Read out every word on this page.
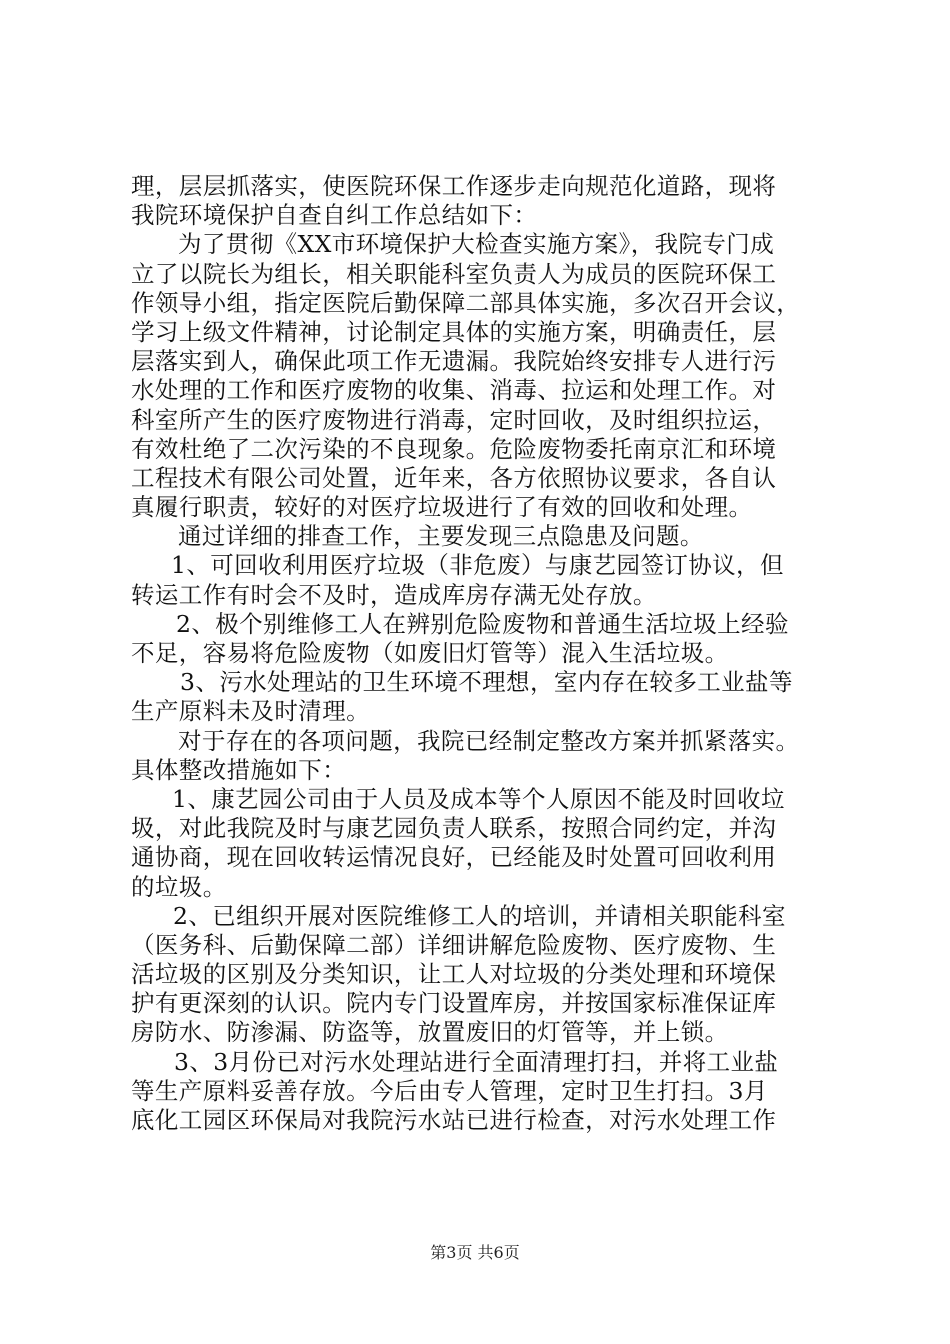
理，层层抓落实，使医院环保工作逐步走向规范化道路，现将
我院环境保护自查自纠工作总结如下：
为了贯彻《XX市环境保护大检查实施方案》，我院专门成
立了以院长为组长，相关职能科室负责人为成员的医院环保工
作领导小组，指定医院后勤保障二部具体实施，多次召开会议，
学习上级文件精神，讨论制定具体的实施方案，明确责任，层
层落实到人，确保此项工作无遗漏。我院始终安排专人进行污
水处理的工作和医疗废物的收集、消毒、拉运和处理工作。对
科室所产生的医疗废物进行消毒，定时回收，及时组织拉运，
有效杜绝了二次污染的不良现象。危险废物委托南京汇和环境
工程技术有限公司处置，近年来，各方依照协议要求，各自认
真履行职责，较好的对医疗垃圾进行了有效的回收和处理。
通过详细的排查工作，主要发现三点隐患及问题。
1、可回收利用医疗垃圾（非危废）与康艺园签订协议，但
转运工作有时会不及时，造成库房存满无处存放。
2、极个别维修工人在辨别危险废物和普通生活垃圾上经验
不足，容易将危险废物（如废旧灯管等）混入生活垃圾。
3、污水处理站的卫生环境不理想，室内存在较多工业盐等
生产原料未及时清理。
对于存在的各项问题，我院已经制定整改方案并抓紧落实。
具体整改措施如下：
1、康艺园公司由于人员及成本等个人原因不能及时回收垃
圾，对此我院及时与康艺园负责人联系，按照合同约定，并沟
通协商，现在回收转运情况良好，已经能及时处置可回收利用
的垃圾。
2、已组织开展对医院维修工人的培训，并请相关职能科室
（医务科、后勤保障二部）详细讲解危险废物、医疗废物、生
活垃圾的区别及分类知识，让工人对垃圾的分类处理和环境保
护有更深刻的认识。院内专门设置库房，并按国家标准保证库
房防水、防渗漏、防盗等，放置废旧的灯管等，并上锁。
3、3月份已对污水处理站进行全面清理打扫，并将工业盐
等生产原料妥善存放。今后由专人管理，定时卫生打扫。3月
底化工园区环保局对我院污水站已进行检查，对污水处理工作
第3页 共6页
